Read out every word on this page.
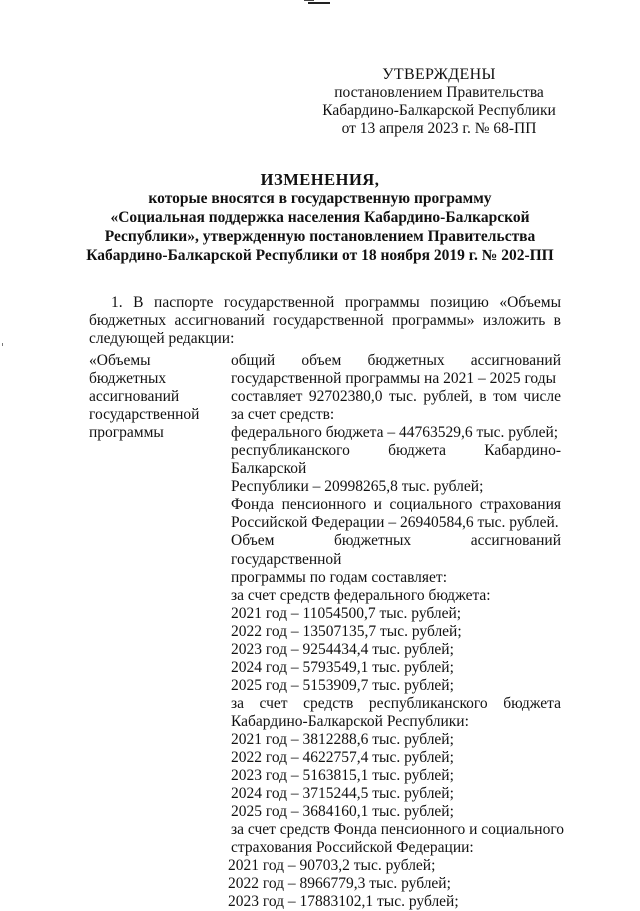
УТВЕРЖДЕНЫ
постановлением Правительства
Кабардино-Балкарской Республики
от 13 апреля 2023 г. № 68-ПП
ИЗМЕНЕНИЯ,
которые вносятся в государственную программу
«Социальная поддержка населения Кабардино-Балкарской
Республики», утвержденную постановлением Правительства
Кабардино-Балкарской Республики от 18 ноября 2019 г. № 202-ПП
1. В паспорте государственной программы позицию «Объемы бюджетных ассигнований государственной программы» изложить в следующей редакции:
«Объемы
бюджетных
ассигнований
государственной
программы
общий объем бюджетных ассигнований
государственной программы на 2021 – 2025 годы
составляет 92702380,0 тыс. рублей, в том числе
за счет средств:
федерального бюджета – 44763529,6 тыс. рублей;
республиканского бюджета Кабардино-Балкарской
Республики – 20998265,8 тыс. рублей;
Фонда пенсионного и социального страхования
Российской Федерации – 26940584,6 тыс. рублей.
Объем бюджетных ассигнований государственной
программы по годам составляет:
за счет средств федерального бюджета:
2021 год – 11054500,7 тыс. рублей;
2022 год – 13507135,7 тыс. рублей;
2023 год – 9254434,4 тыс. рублей;
2024 год – 5793549,1 тыс. рублей;
2025 год – 5153909,7 тыс. рублей;
за счет средств республиканского бюджета
Кабардино-Балкарской Республики:
2021 год – 3812288,6 тыс. рублей;
2022 год – 4622757,4 тыс. рублей;
2023 год – 5163815,1 тыс. рублей;
2024 год – 3715244,5 тыс. рублей;
2025 год – 3684160,1 тыс. рублей;
за счет средств Фонда пенсионного и социального
страхования Российской Федерации:
2021 год – 90703,2 тыс. рублей;
2022 год – 8966779,3 тыс. рублей;
2023 год – 17883102,1 тыс. рублей;
